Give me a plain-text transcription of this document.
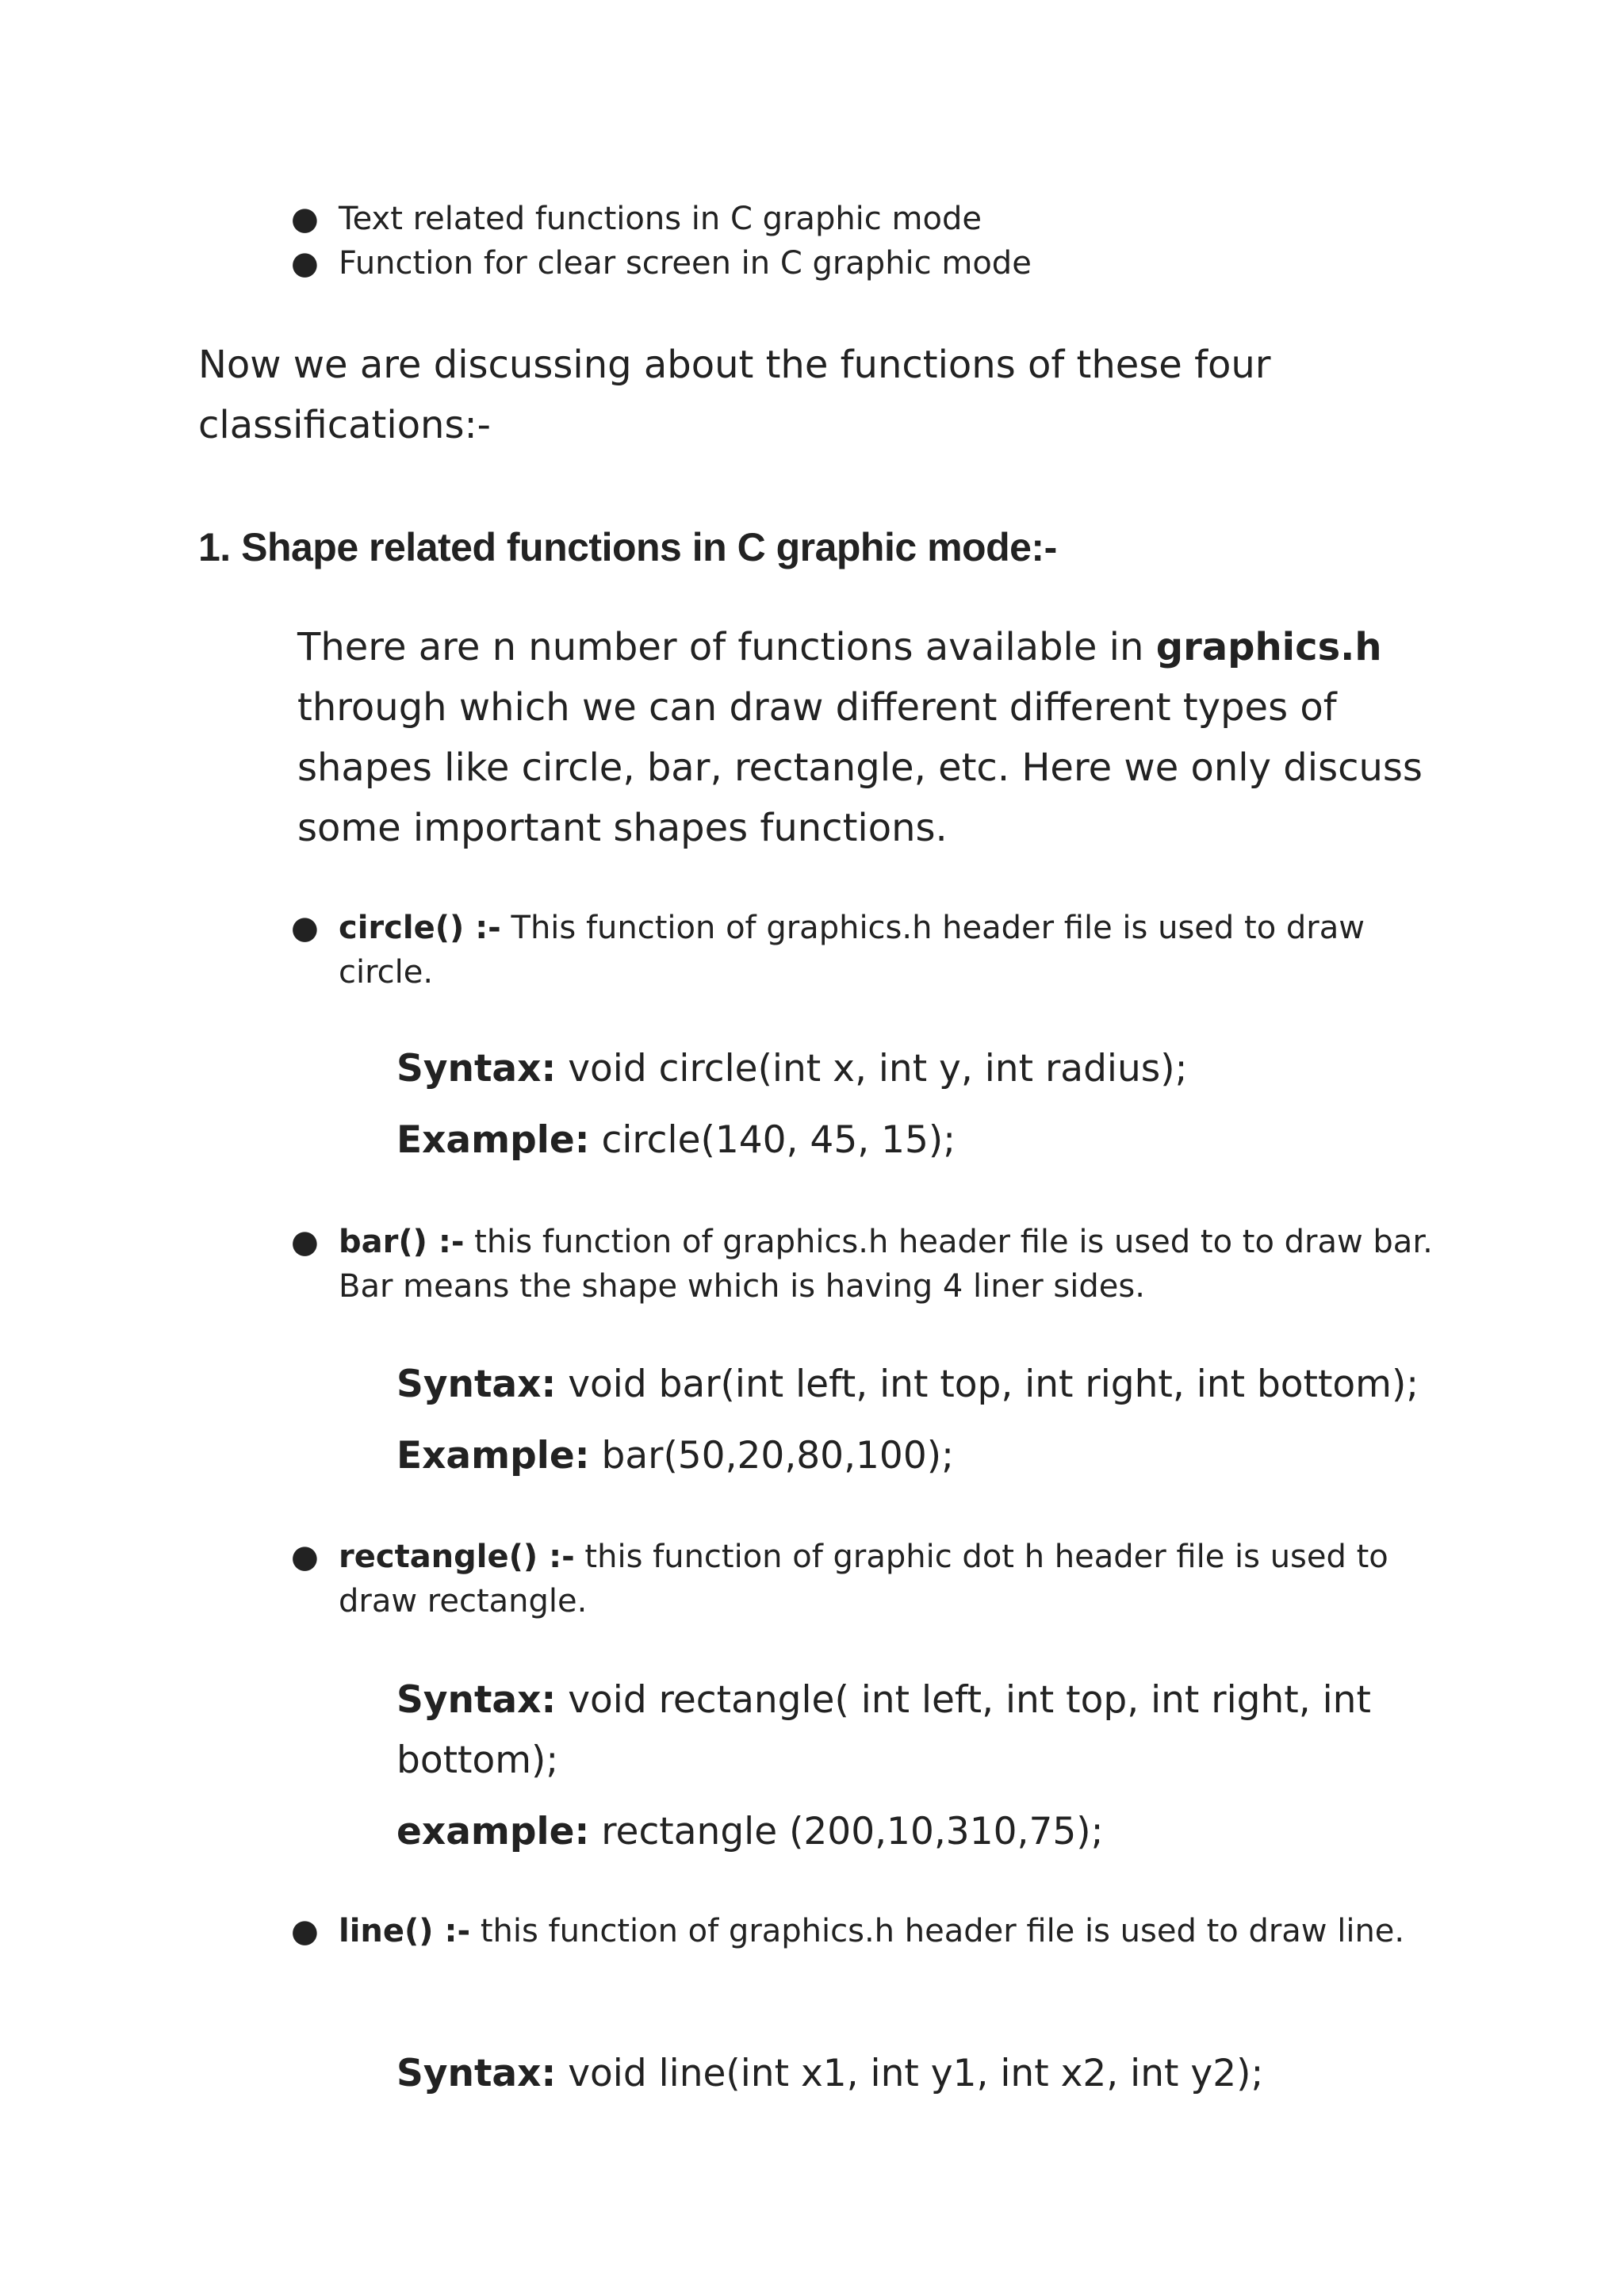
● Text related functions in C graphic mode
● Function for clear screen in C graphic mode

Now we are discussing about the functions of these four classifications:-

1. Shape related functions in C graphic mode:-

There are n number of functions available in graphics.h through which we can draw different different types of shapes like circle, bar, rectangle, etc. Here we only discuss some important shapes functions.

● circle() :- This function of graphics.h header file is used to draw circle.

Syntax: void circle(int x, int y, int radius);

Example: circle(140, 45, 15);

● bar() :- this function of graphics.h header file is used to to draw bar. Bar means the shape which is having 4 liner sides.

Syntax: void bar(int left, int top, int right, int bottom);

Example: bar(50,20,80,100);

● rectangle() :- this function of graphic dot h header file is used to draw rectangle.

Syntax: void rectangle( int left, int top, int right, int bottom);

example: rectangle (200,10,310,75);

● line() :- this function of graphics.h header file is used to draw line.

Syntax: void line(int x1, int y1, int x2, int y2);
